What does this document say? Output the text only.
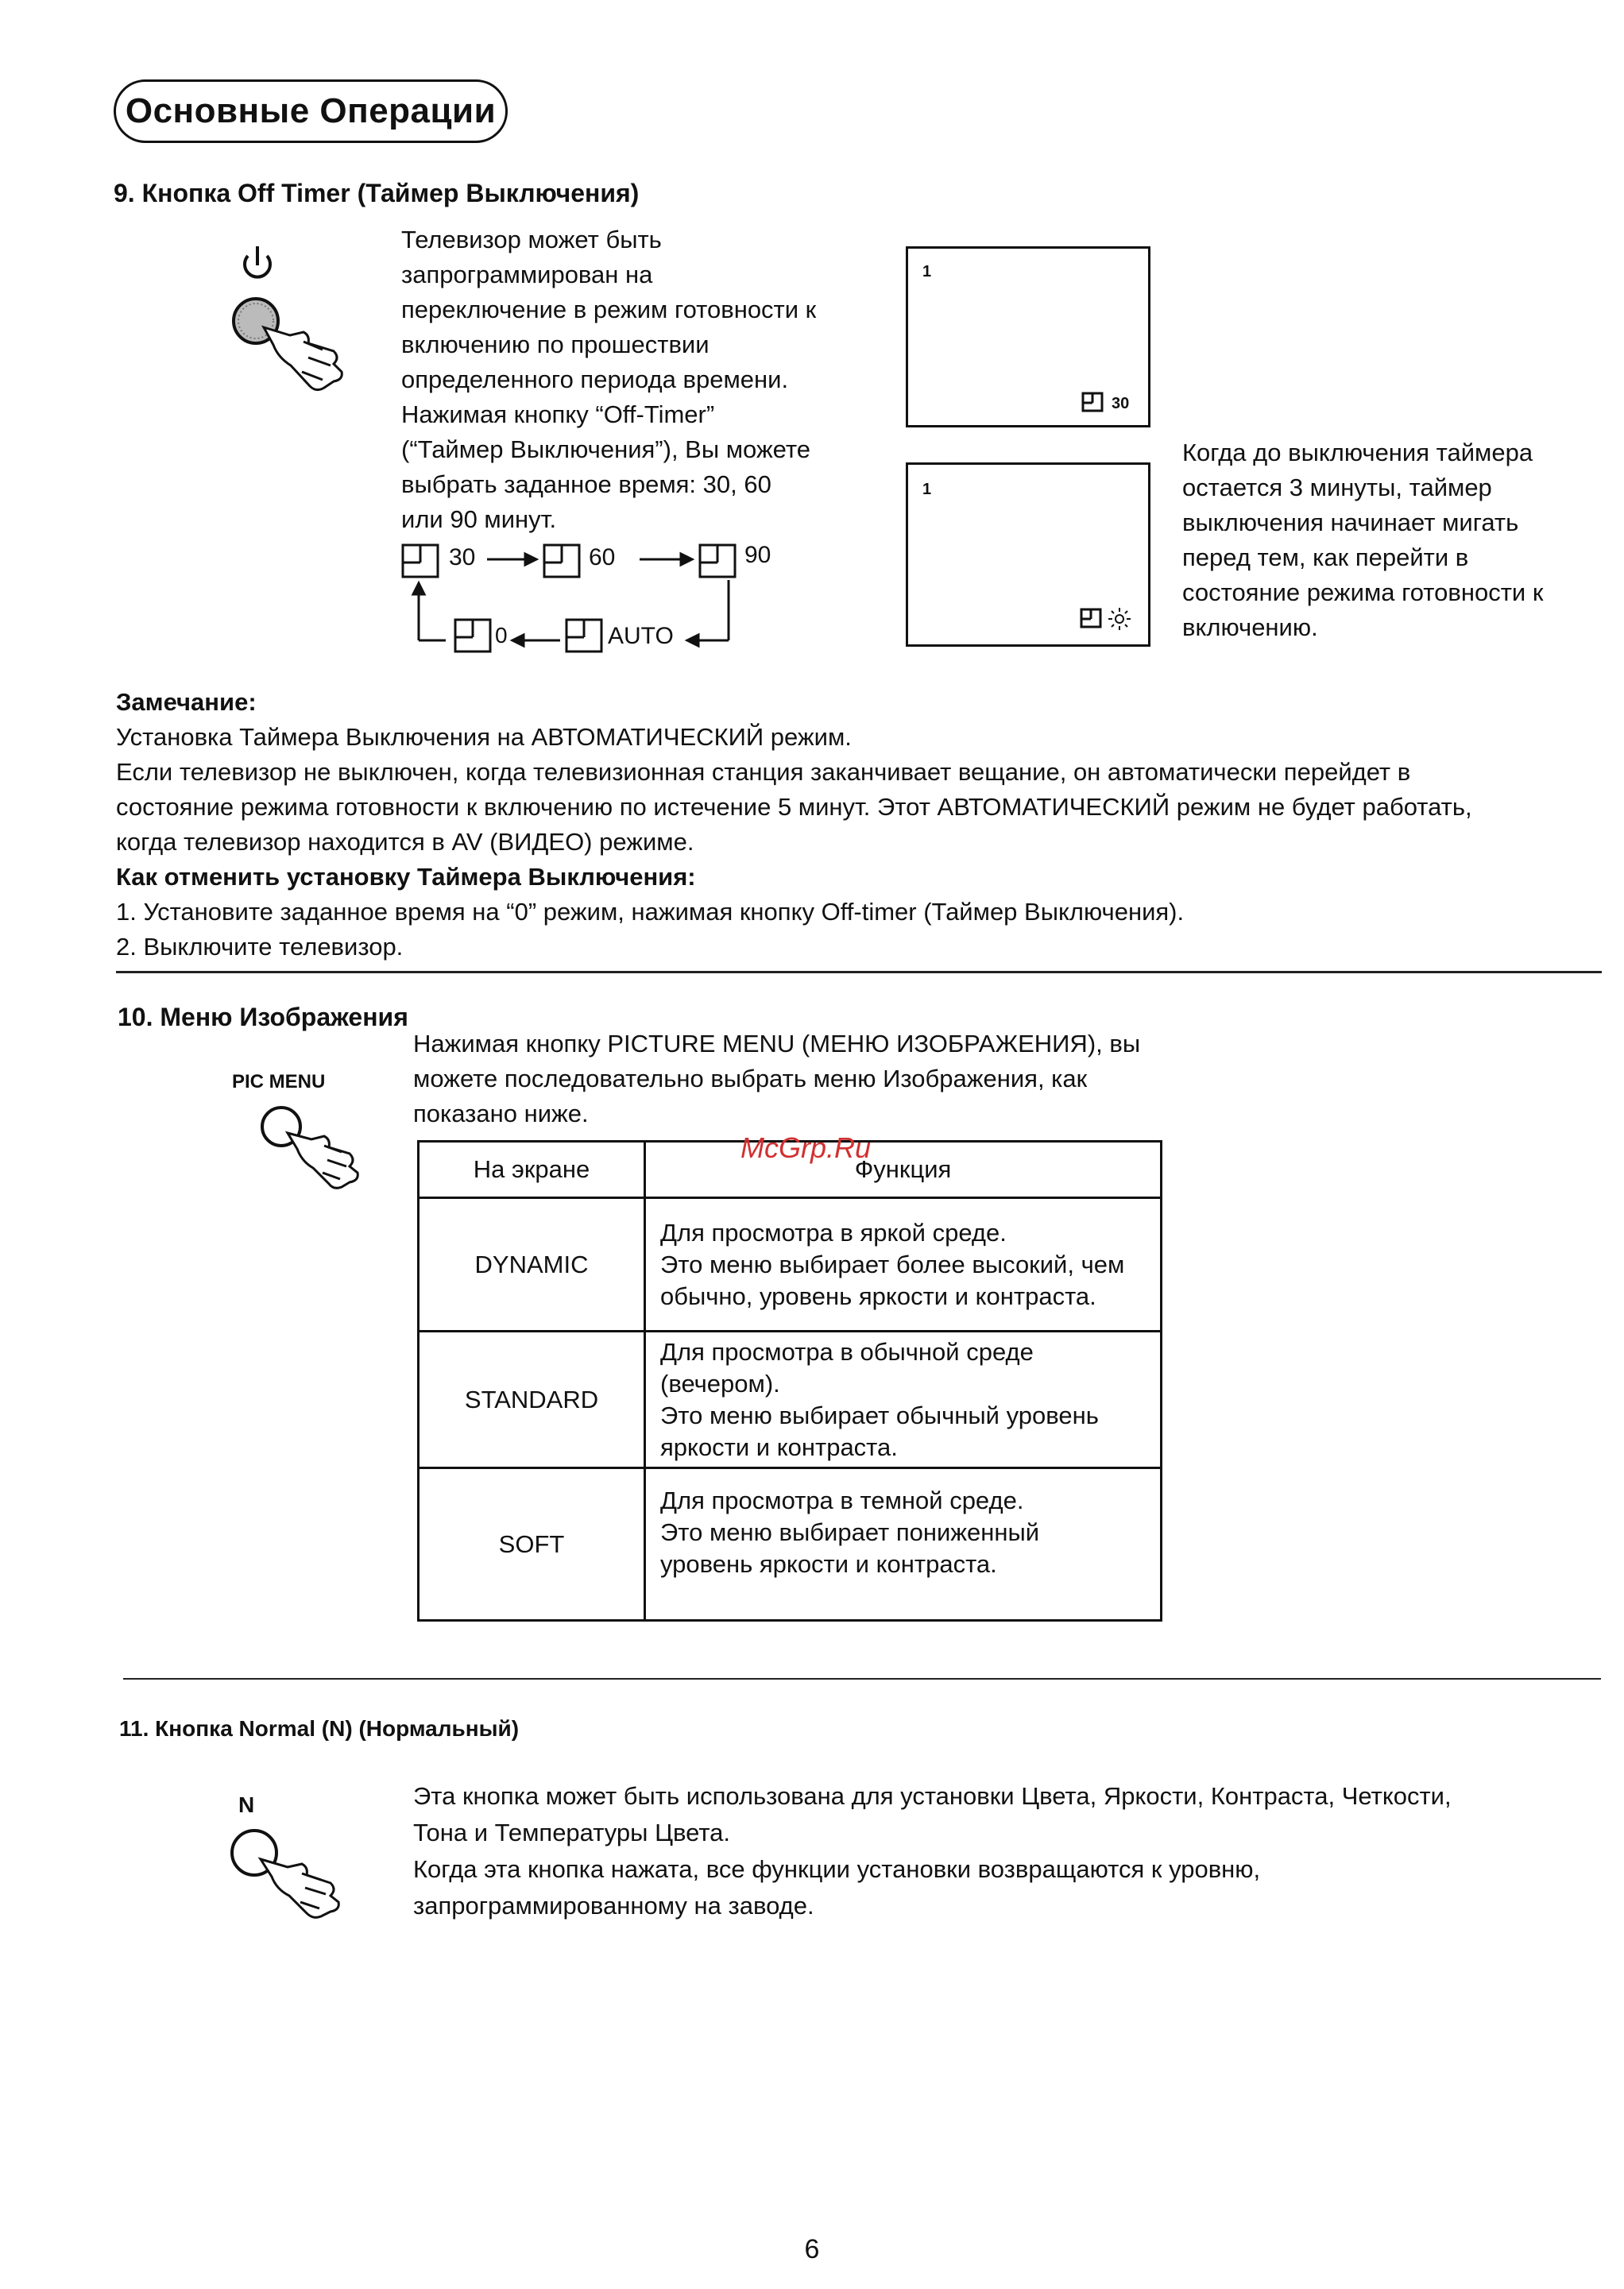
Основные Операции
9. Кнопка Off Timer (Таймер Выключения)
Телевизор может быть
запрограммирован на
переключение в режим готовности к
включению по прошествии
определенного периода времени.
Нажимая кнопку “Off-Timer”
(“Таймер Выключения”), Вы можете
выбрать заданное время: 30, 60
или 90 минут.
30	60	90
0	AUTO
1
30
1
Когда до выключения таймера
остается 3 минуты, таймер
выключения начинает мигать
перед тем, как перейти в
состояние режима готовности к
включению.
Замечание:
Установка Таймера Выключения на АВТОМАТИЧЕСКИЙ режим.
Если телевизор не выключен, когда телевизионная станция заканчивает вещание, он автоматически перейдет в
состояние режима готовности к включению по истечение 5 минут. Этот АВТОМАТИЧЕСКИЙ режим не будет работать,
когда телевизор находится в AV (ВИДЕО) режиме.
Как отменить установку Таймера Выключения:
1. Установите заданное время на “0” режим, нажимая кнопку Off-timer (Таймер Выключения).
2. Выключите телевизор.
10. Меню Изображения
PIC MENU
Нажимая кнопку PICTURE MENU (МЕНЮ ИЗОБРАЖЕНИЯ), вы
можете последовательно выбрать меню Изображения, как
показано ниже.
На экране	Функция
DYNAMIC	Для просмотра в яркой среде.
Это меню выбирает более высокий, чем
обычно, уровень яркости и контраста.

STANDARD	Для просмотра в обычной среде
(вечером).
Это меню выбирает обычный уровень
яркости и контраста.

SOFT	Для просмотра в темной среде.
Это меню выбирает пониженный
уровень яркости и контраста.
McGrp.Ru
11. Кнопка Normal (N) (Нормальный)
N	Эта кнопка может быть использована для установки Цвета, Яркости, Контраста, Четкости,
Тона и Температуры Цвета.
Когда эта кнопка нажата, все функции установки возвращаются к уровню,
запрограммированному на заводе.
6
